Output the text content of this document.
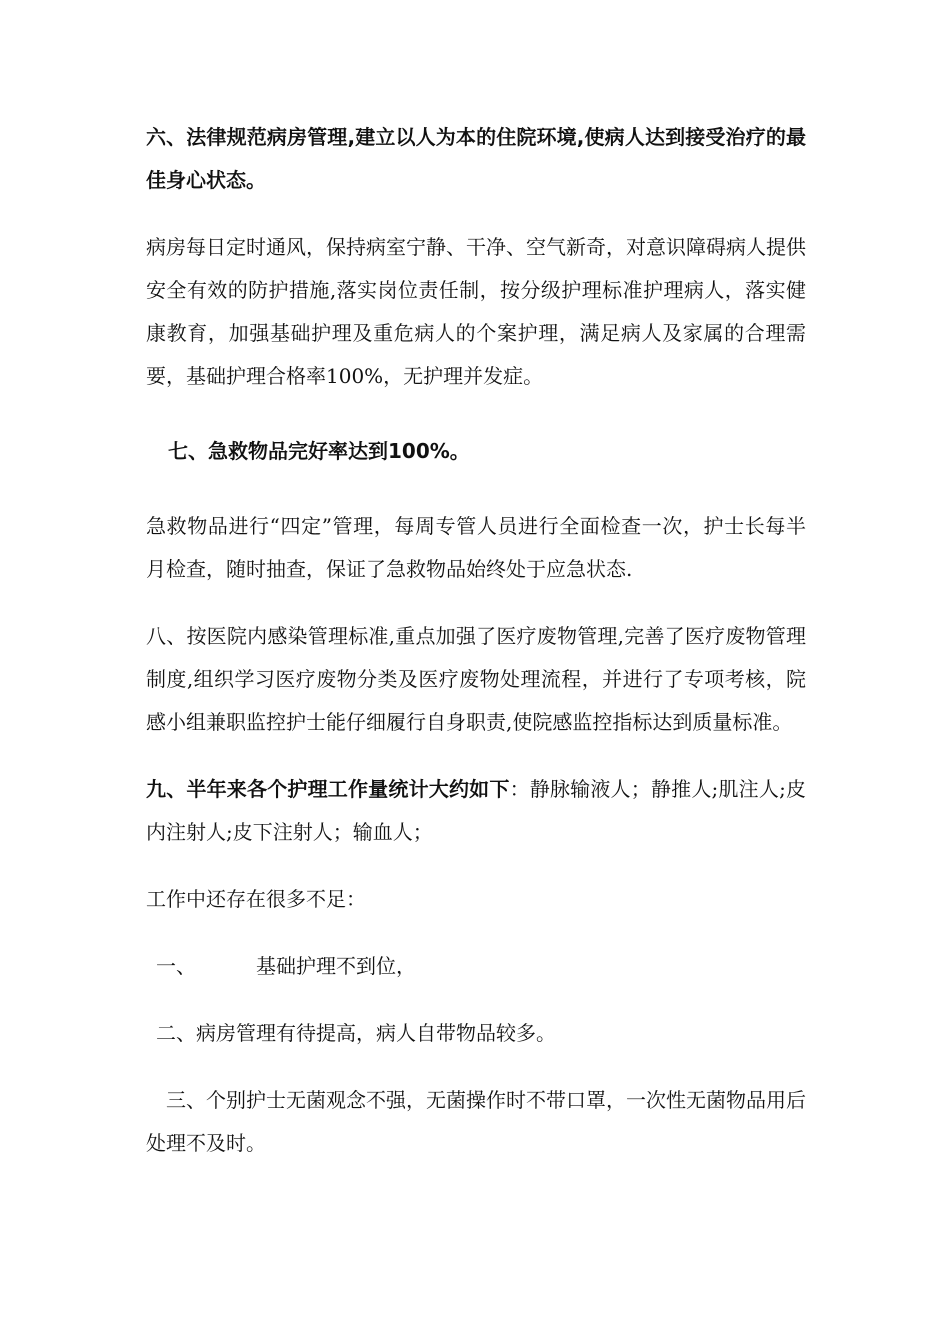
六、法律规范病房管理,建立以人为本的住院环境,使病人达到接受治疗的最佳身心状态。

病房每日定时通风，保持病室宁静、干净、空气新奇，对意识障碍病人提供安全有效的防护措施,落实岗位责任制，按分级护理标准护理病人，落实健康教育，加强基础护理及重危病人的个案护理，满足病人及家属的合理需要，基础护理合格率100%，无护理并发症。

七、急救物品完好率达到100%。

急救物品进行“四定”管理，每周专管人员进行全面检查一次，护士长每半月检查，随时抽查，保证了急救物品始终处于应急状态.

八、按医院内感染管理标准,重点加强了医疗废物管理,完善了医疗废物管理制度,组织学习医疗废物分类及医疗废物处理流程，并进行了专项考核，院感小组兼职监控护士能仔细履行自身职责,使院感监控指标达到质量标准。

九、半年来各个护理工作量统计大约如下：静脉输液人；静推人;肌注人;皮内注射人;皮下注射人；输血人；

工作中还存在很多不足：

一、	基础护理不到位，

二、病房管理有待提高，病人自带物品较多。

三、个别护士无菌观念不强，无菌操作时不带口罩，一次性无菌物品用后处理不及时。
